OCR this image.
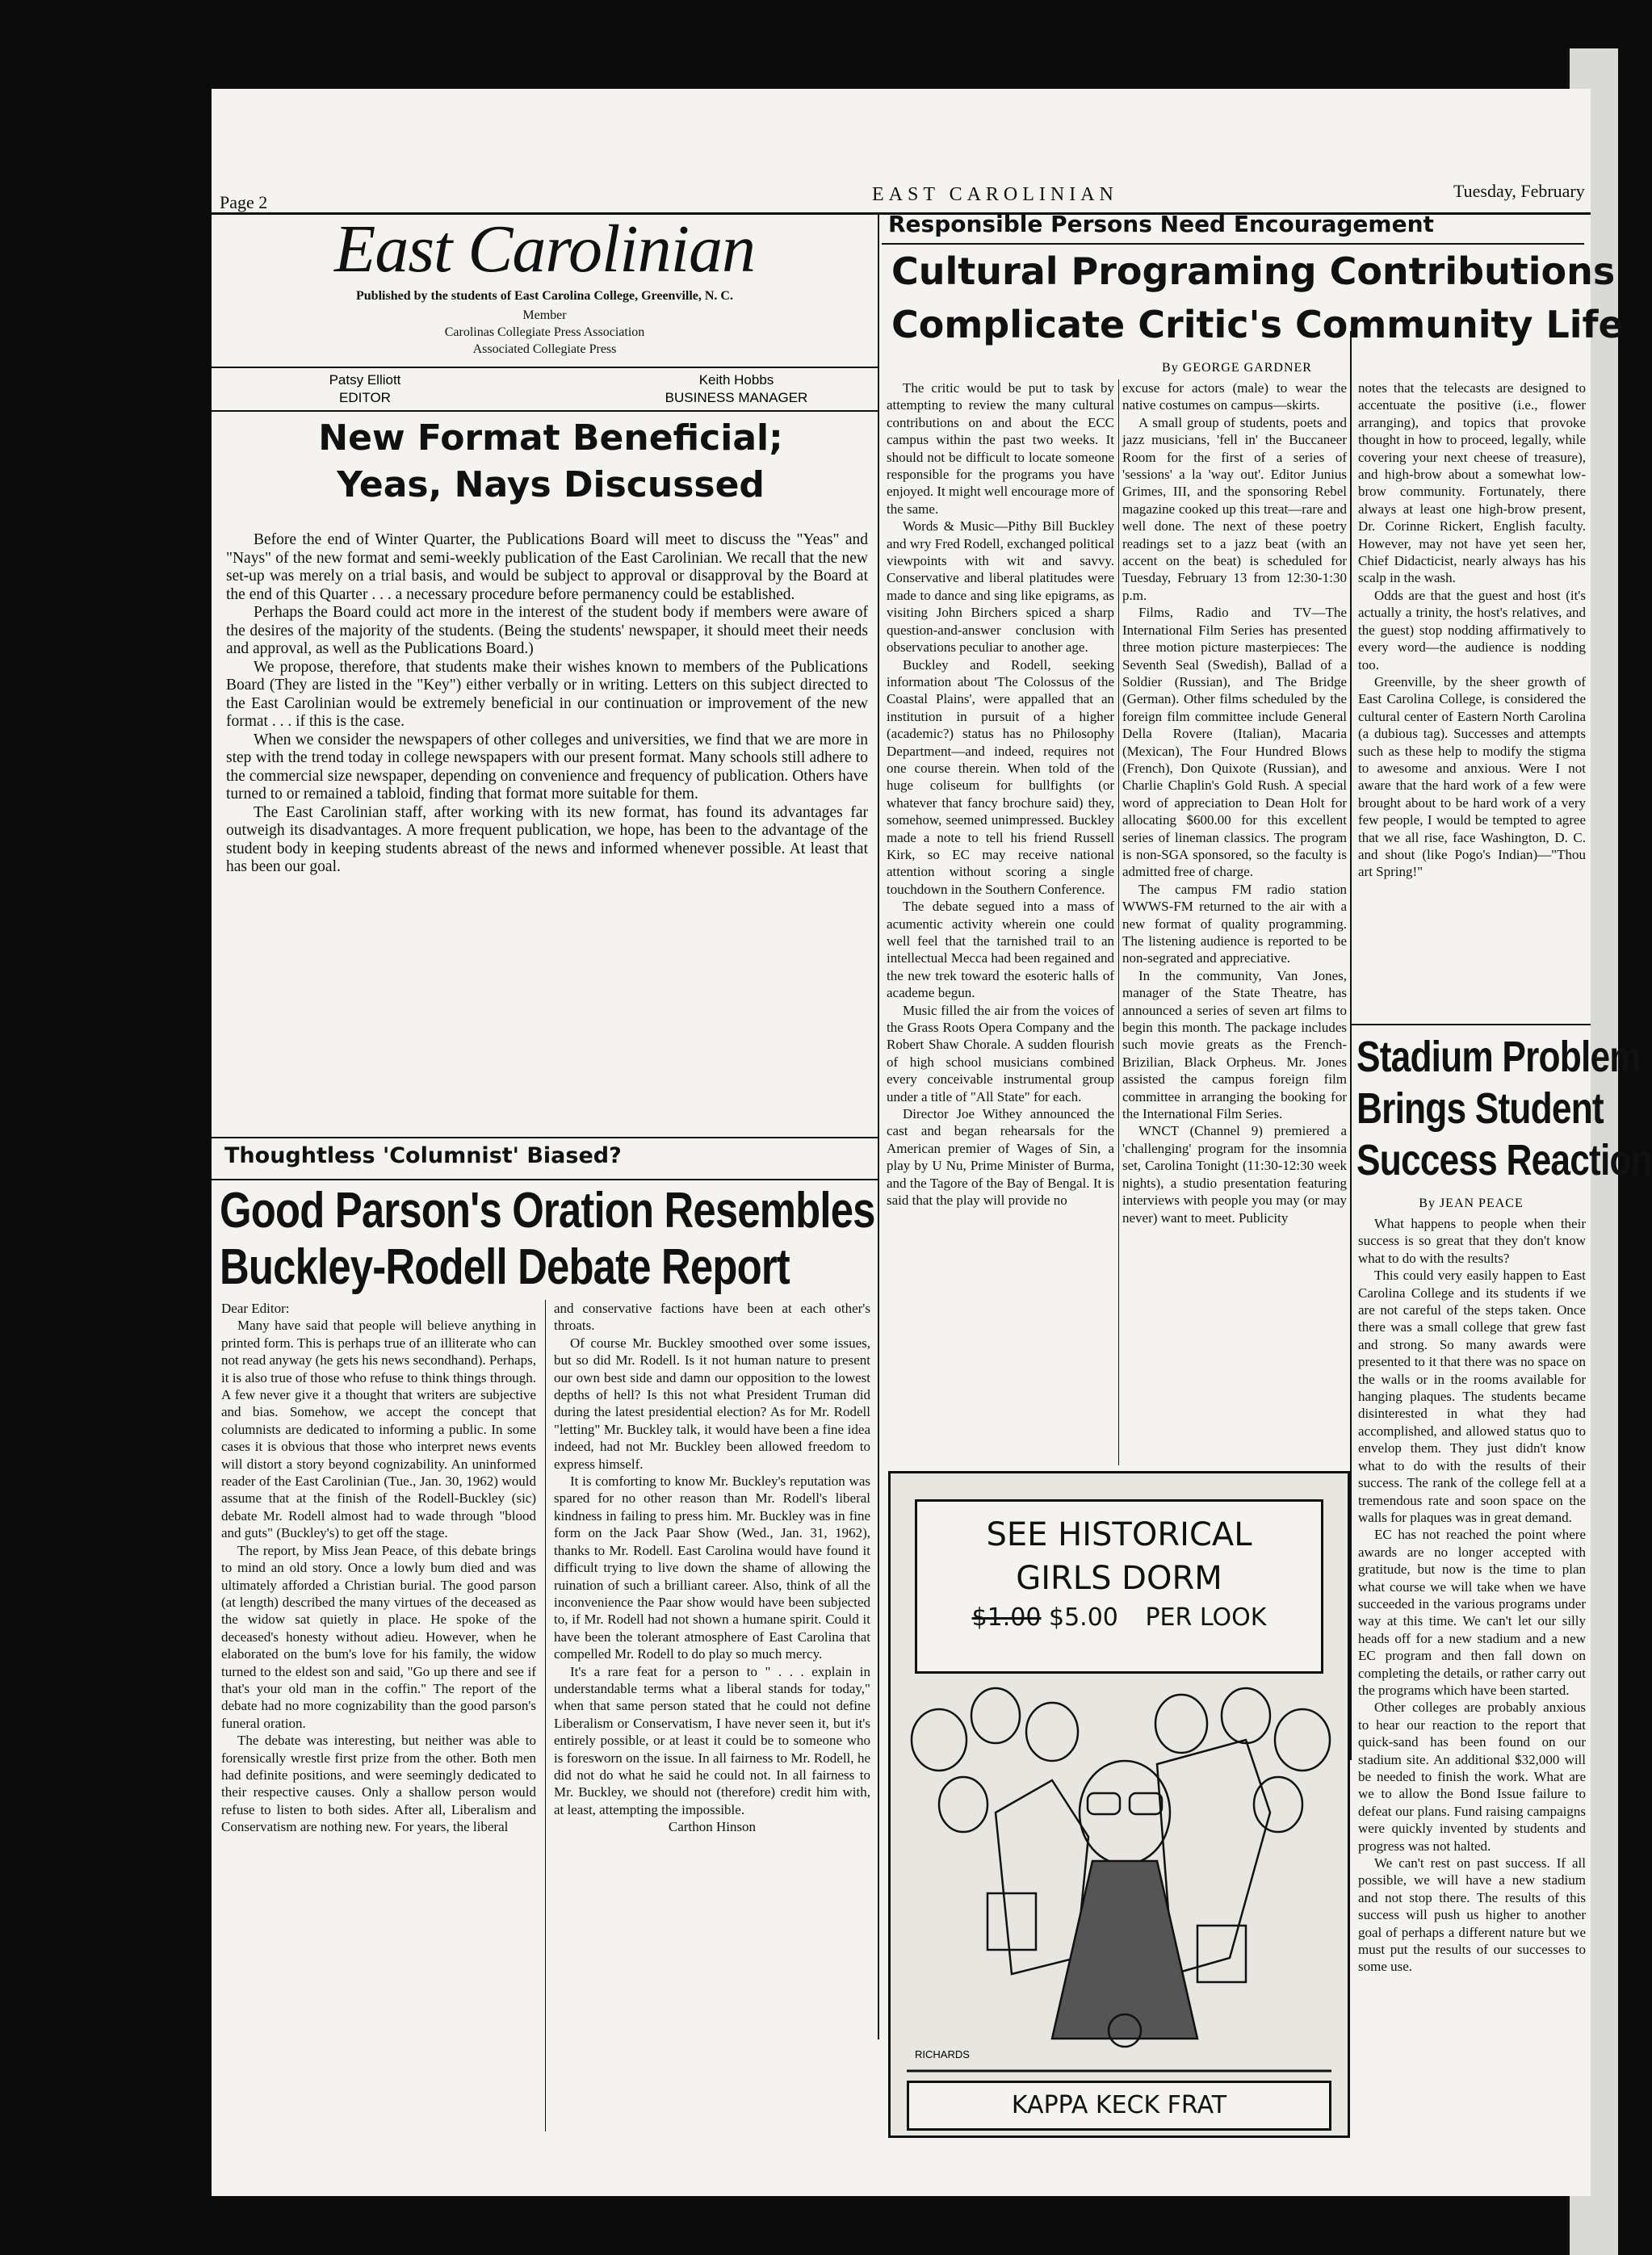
Page 2	EAST CAROLINIAN	Tuesday, February
East Carolinian
Published by the students of East Carolina College, Greenville, N. C.
Member
Carolinas Collegiate Press Association
Associated Collegiate Press
Patsy Elliott
EDITOR
Keith Hobbs
BUSINESS MANAGER
New Format Beneficial;
Yeas, Nays Discussed

Before the end of Winter Quarter, the Publications Board will meet to discuss the "Yeas" and "Nays" of the new format and semi-weekly publication of the East Carolinian. We recall that the new set-up was merely on a trial basis, and would be subject to approval or disapproval by the Board at the end of this Quarter . . . a necessary procedure before permanency could be established.

Perhaps the Board could act more in the interest of the student body if members were aware of the desires of the majority of the students. (Being the students' newspaper, it should meet their needs and approval, as well as the Publications Board.)

We propose, therefore, that students make their wishes known to members of the Publications Board (They are listed in the "Key") either verbally or in writing. Letters on this subject directed to the East Carolinian would be extremely beneficial in our continuation or improvement of the new format . . . if this is the case.

When we consider the newspapers of other colleges and universities, we find that we are more in step with the trend today in college newspapers with our present format. Many schools still adhere to the commercial size newspaper, depending on convenience and frequency of publication. Others have turned to or remained a tabloid, finding that format more suitable for them.

The East Carolinian staff, after working with its new format, has found its advantages far outweigh its disadvantages. A more frequent publication, we hope, has been to the advantage of the student body in keeping students abreast of the news and informed whenever possible. At least that has been our goal.

Thoughtless 'Columnist' Biased?
Good Parson's Oration Resembles
Buckley-Rodell Debate Report

Dear Editor:

Many have said that people will believe anything in printed form. This is perhaps true of an illiterate who can not read anyway (he gets his news secondhand). Perhaps, it is also true of those who refuse to think things through. A few never give it a thought that writers are subjective and bias. Somehow, we accept the concept that columnists are dedicated to informing a public. In some cases it is obvious that those who interpret news events will distort a story beyond cognizability. An uninformed reader of the East Carolinian (Tue., Jan. 30, 1962) would assume that at the finish of the Rodell-Buckley (sic) debate Mr. Rodell almost had to wade through "blood and guts" (Buckley's) to get off the stage.

The report, by Miss Jean Peace, of this debate brings to mind an old story. Once a lowly bum died and was ultimately afforded a Christian burial. The good parson (at length) described the many virtues of the deceased as the widow sat quietly in place. He spoke of the deceased's honesty without adieu. However, when he elaborated on the bum's love for his family, the widow turned to the eldest son and said, "Go up there and see if that's your old man in the coffin." The report of the debate had no more cognizability than the good parson's funeral oration.

The debate was interesting, but neither was able to forensically wrestle first prize from the other. Both men had definite positions, and were seemingly dedicated to their respective causes. Only a shallow person would refuse to listen to both sides. After all, Liberalism and Conservatism are nothing new. For years, the liberal

and conservative factions have been at each other's throats.

Of course Mr. Buckley smoothed over some issues, but so did Mr. Rodell. Is it not human nature to present our own best side and damn our opposition to the lowest depths of hell? Is this not what President Truman did during the latest presidential election? As for Mr. Rodell "letting" Mr. Buckley talk, it would have been a fine idea indeed, had not Mr. Buckley been allowed freedom to express himself.

It is comforting to know Mr. Buckley's reputation was spared for no other reason than Mr. Rodell's liberal kindness in failing to press him. Mr. Buckley was in fine form on the Jack Paar Show (Wed., Jan. 31, 1962), thanks to Mr. Rodell. East Carolina would have found it difficult trying to live down the shame of allowing the ruination of such a brilliant career. Also, think of all the inconvenience the Paar show would have been subjected to, if Mr. Rodell had not shown a humane spirit. Could it have been the tolerant atmosphere of East Carolina that compelled Mr. Rodell to do play so much mercy.

It's a rare feat for a person to " . . . explain in understandable terms what a liberal stands for today," when that same person stated that he could not define Liberalism or Conservatism, I have never seen it, but it's entirely possible, or at least it could be to someone who is foresworn on the issue. In all fairness to Mr. Rodell, he did not do what he said he could not. In all fairness to Mr. Buckley, we should not (therefore) credit him with, at least, attempting the impossible.

Carthon Hinson

Responsible Persons Need Encouragement
Cultural Programing Contributions
Complicate Critic's Community Life
By GEORGE GARDNER

The critic would be put to task by attempting to review the many cultural contributions on and about the ECC campus within the past two weeks. It should not be difficult to locate someone responsible for the programs you have enjoyed. It might well encourage more of the same.

Words & Music—Pithy Bill Buckley and wry Fred Rodell, exchanged political viewpoints with wit and savvy. Conservative and liberal platitudes were made to dance and sing like epigrams, as visiting John Birchers spiced a sharp question-and-answer conclusion with observations peculiar to another age.

Buckley and Rodell, seeking information about 'The Colossus of the Coastal Plains', were appalled that an institution in pursuit of a higher (academic?) status has no Philosophy Department—and indeed, requires not one course therein. When told of the huge coliseum for bullfights (or whatever that fancy brochure said) they, somehow, seemed unimpressed. Buckley made a note to tell his friend Russell Kirk, so EC may receive national attention without scoring a single touchdown in the Southern Conference.

The debate segued into a mass of acumentic activity wherein one could well feel that the tarnished trail to an intellectual Mecca had been regained and the new trek toward the esoteric halls of academe begun.

Music filled the air from the voices of the Grass Roots Opera Company and the Robert Shaw Chorale. A sudden flourish of high school musicians combined every conceivable instrumental group under a title of "All State" for each.

Director Joe Withey announced the cast and began rehearsals for the American premier of Wages of Sin, a play by U Nu, Prime Minister of Burma, and the Tagore of the Bay of Bengal. It is said that the play will provide no

excuse for actors (male) to wear the native costumes on campus—skirts.

A small group of students, poets and jazz musicians, 'fell in' the Buccaneer Room for the first of a series of 'sessions' a la 'way out'. Editor Junius Grimes, III, and the sponsoring Rebel magazine cooked up this treat—rare and well done. The next of these poetry readings set to a jazz beat (with an accent on the beat) is scheduled for Tuesday, February 13 from 12:30-1:30 p.m.

Films, Radio and TV—The International Film Series has presented three motion picture masterpieces: The Seventh Seal (Swedish), Ballad of a Soldier (Russian), and The Bridge (German). Other films scheduled by the foreign film committee include General Della Rovere (Italian), Macaria (Mexican), The Four Hundred Blows (French), Don Quixote (Russian), and Charlie Chaplin's Gold Rush. A special word of appreciation to Dean Holt for allocating $600.00 for this excellent series of lineman classics. The program is non-SGA sponsored, so the faculty is admitted free of charge.

The campus FM radio station WWWS-FM returned to the air with a new format of quality programming. The listening audience is reported to be non-segrated and appreciative.

In the community, Van Jones, manager of the State Theatre, has announced a series of seven art films to begin this month. The package includes such movie greats as the French-Brizilian, Black Orpheus. Mr. Jones assisted the campus foreign film committee in arranging the booking for the International Film Series.

WNCT (Channel 9) premiered a 'challenging' program for the insomnia set, Carolina Tonight (11:30-12:30 week nights), a studio presentation featuring interviews with people you may (or may never) want to meet. Publicity

notes that the telecasts are designed to accentuate the positive (i.e., flower arranging), and topics that provoke thought in how to proceed, legally, while covering your next cheese of treasure), and high-brow about a somewhat low-brow community. Fortunately, there always at least one high-brow present, Dr. Corinne Rickert, English faculty. However, may not have yet seen her, Chief Didacticist, nearly always has his scalp in the wash.

Odds are that the guest and host (it's actually a trinity, the host's relatives, and the guest) stop nodding affirmatively to every word—the audience is nodding too.

Greenville, by the sheer growth of East Carolina College, is considered the cultural center of Eastern North Carolina (a dubious tag). Successes and attempts such as these help to modify the stigma to awesome and anxious. Were I not aware that the hard work of a few were brought about to be hard work of a very few people, I would be tempted to agree that we all rise, face Washington, D. C. and shout (like Pogo's Indian)—"Thou art Spring!"

Stadium Problem
Brings Student
Success Reaction
By JEAN PEACE

What happens to people when their success is so great that they don't know what to do with the results?

This could very easily happen to East Carolina College and its students if we are not careful of the steps taken. Once there was a small college that grew fast and strong. So many awards were presented to it that there was no space on the walls or in the rooms available for hanging plaques. The students became disinterested in what they had accomplished, and allowed status quo to envelop them. They just didn't know what to do with the results of their success. The rank of the college fell at a tremendous rate and soon space on the walls for plaques was in great demand.

EC has not reached the point where awards are no longer accepted with gratitude, but now is the time to plan what course we will take when we have succeeded in the various programs under way at this time. We can't let our silly heads off for a new stadium and a new EC program and then fall down on completing the details, or rather carry out the programs which have been started.

Other colleges are probably anxious to hear our reaction to the report that quick-sand has been found on our stadium site. An additional $32,000 will be needed to finish the work. What are we to allow the Bond Issue failure to defeat our plans. Fund raising campaigns were quickly invented by students and progress was not halted.

We can't rest on past success. If all possible, we will have a new stadium and not stop there. The results of this success will push us higher to another goal of perhaps a different nature but we must put the results of our successes to some use.

SEE HISTORICAL
GIRLS DORM
$1.00 $5.00 PER LOOK
KAPPA KECK FRAT
RICHARDS
